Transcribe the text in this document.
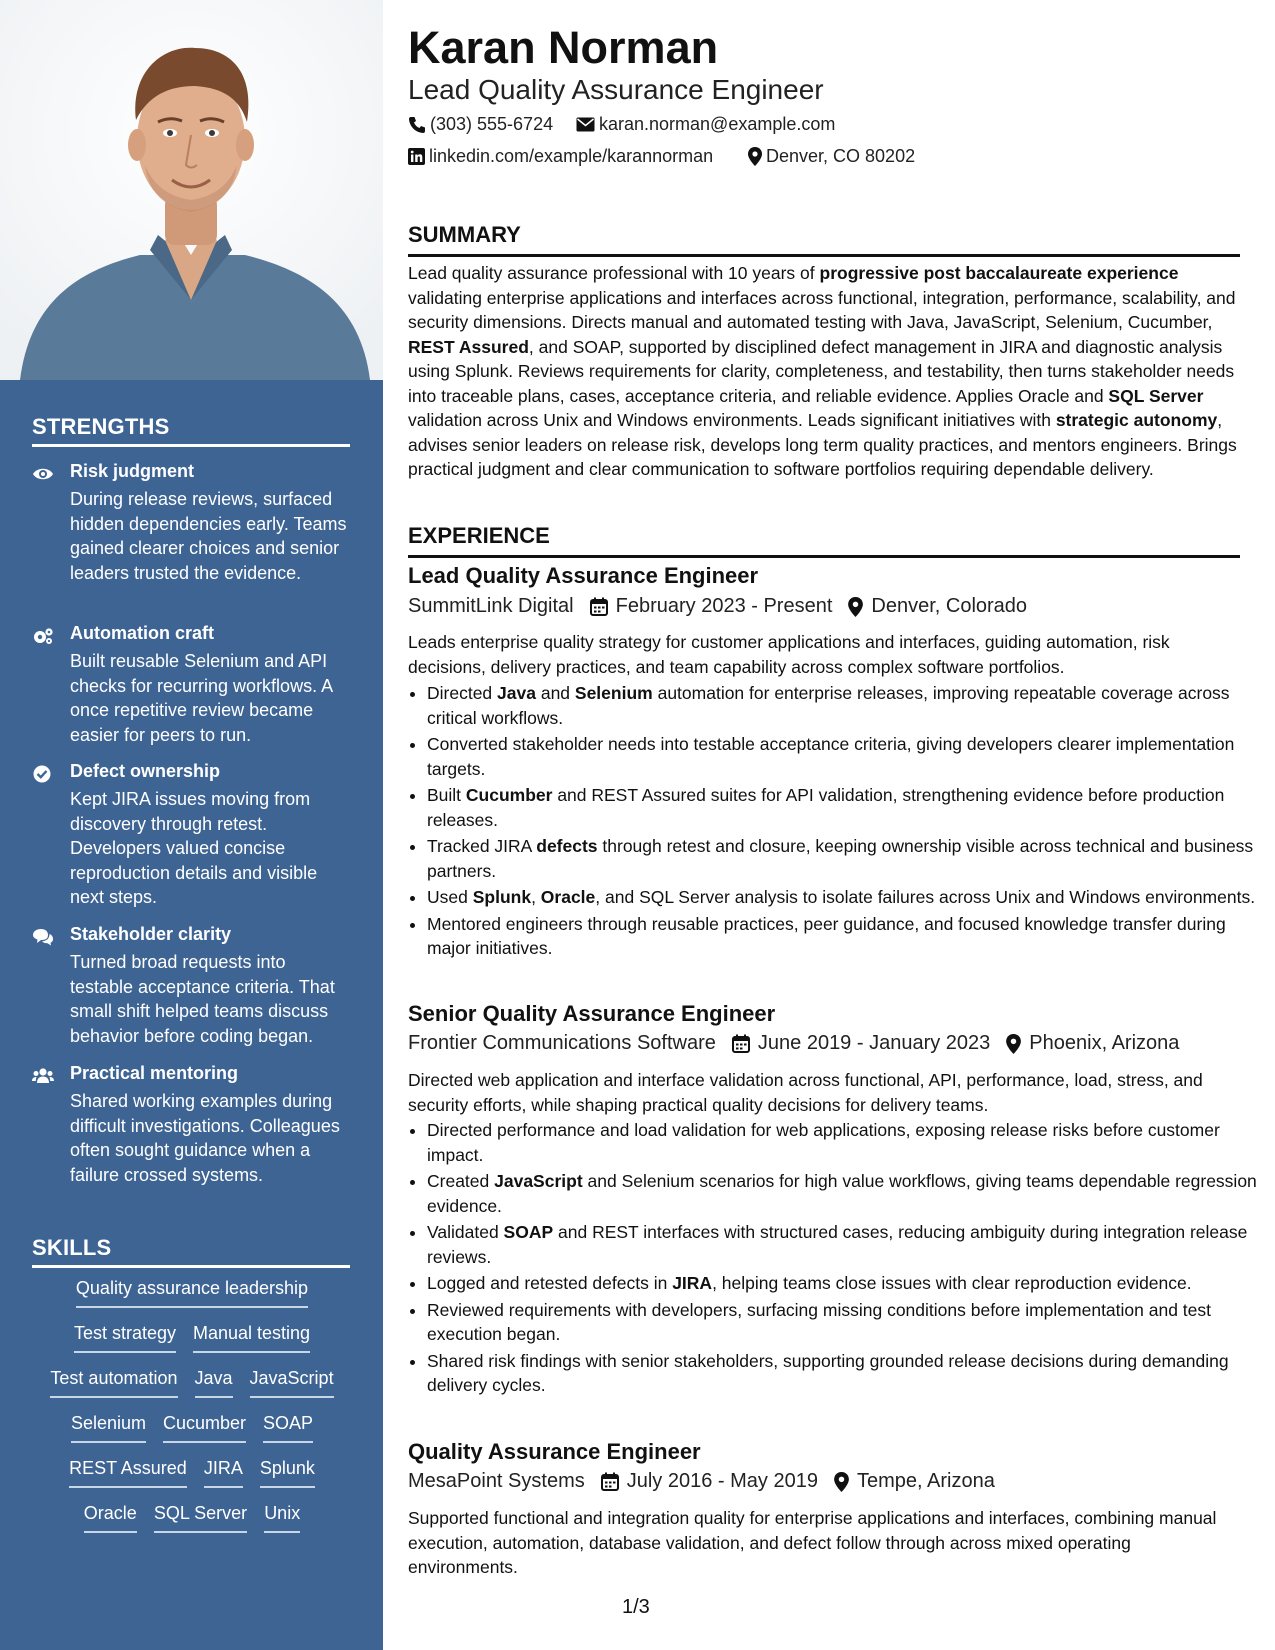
STRENGTHS
Risk judgment
During release reviews, surfaced hidden dependencies early. Teams gained clearer choices and senior leaders trusted the evidence.
Automation craft
Built reusable Selenium and API checks for recurring workflows. A once repetitive review became easier for peers to run.
Defect ownership
Kept JIRA issues moving from discovery through retest. Developers valued concise reproduction details and visible next steps.
Stakeholder clarity
Turned broad requests into testable acceptance criteria. That small shift helped teams discuss behavior before coding began.
Practical mentoring
Shared working examples during difficult investigations. Colleagues often sought guidance when a failure crossed systems.
SKILLS
Quality assurance leadership
Test strategy Manual testing
Test automation Java JavaScript
Selenium Cucumber SOAP
REST Assured JIRA Splunk
Oracle SQL Server Unix
Karan Norman
Lead Quality Assurance Engineer
(303) 555-6724	karan.norman@example.com
linkedin.com/example/karannorman	Denver, CO 80202
SUMMARY
Lead quality assurance professional with 10 years of progressive post baccalaureate experience validating enterprise applications and interfaces across functional, integration, performance, scalability, and security dimensions. Directs manual and automated testing with Java, JavaScript, Selenium, Cucumber, REST Assured, and SOAP, supported by disciplined defect management in JIRA and diagnostic analysis using Splunk. Reviews requirements for clarity, completeness, and testability, then turns stakeholder needs into traceable plans, cases, acceptance criteria, and reliable evidence. Applies Oracle and SQL Server validation across Unix and Windows environments. Leads significant initiatives with strategic autonomy, advises senior leaders on release risk, develops long term quality practices, and mentors engineers. Brings practical judgment and clear communication to software portfolios requiring dependable delivery.
EXPERIENCE
Lead Quality Assurance Engineer
SummitLink Digital February 2023 - Present Denver, Colorado
Leads enterprise quality strategy for customer applications and interfaces, guiding automation, risk decisions, delivery practices, and team capability across complex software portfolios.
• Directed Java and Selenium automation for enterprise releases, improving repeatable coverage across critical workflows.
• Converted stakeholder needs into testable acceptance criteria, giving developers clearer implementation targets.
• Built Cucumber and REST Assured suites for API validation, strengthening evidence before production releases.
• Tracked JIRA defects through retest and closure, keeping ownership visible across technical and business partners.
• Used Splunk, Oracle, and SQL Server analysis to isolate failures across Unix and Windows environments.
• Mentored engineers through reusable practices, peer guidance, and focused knowledge transfer during major initiatives.
Senior Quality Assurance Engineer
Frontier Communications Software June 2019 - January 2023 Phoenix, Arizona
Directed web application and interface validation across functional, API, performance, load, stress, and security efforts, while shaping practical quality decisions for delivery teams.
• Directed performance and load validation for web applications, exposing release risks before customer impact.
• Created JavaScript and Selenium scenarios for high value workflows, giving teams dependable regression evidence.
• Validated SOAP and REST interfaces with structured cases, reducing ambiguity during integration release reviews.
• Logged and retested defects in JIRA, helping teams close issues with clear reproduction evidence.
• Reviewed requirements with developers, surfacing missing conditions before implementation and test execution began.
• Shared risk findings with senior stakeholders, supporting grounded release decisions during demanding delivery cycles.
Quality Assurance Engineer
MesaPoint Systems July 2016 - May 2019 Tempe, Arizona
Supported functional and integration quality for enterprise applications and interfaces, combining manual execution, automation, database validation, and defect follow through across mixed operating environments.
1/3
